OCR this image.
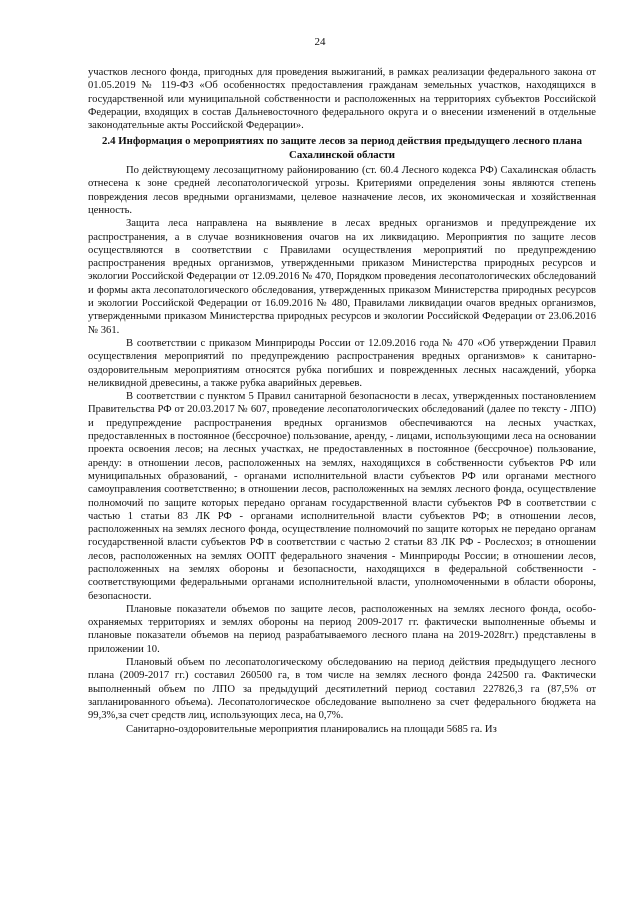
24

участков лесного фонда, пригодных для проведения выжиганий, в рамках реализации федерального закона от 01.05.2019 № 119-ФЗ «Об особенностях предоставления гражданам земельных участков, находящихся в государственной или муниципальной собственности и расположенных на территориях субъектов Российской Федерации, входящих в состав Дальневосточного федерального округа и о внесении изменений в отдельные законодательные акты Российской Федерации».

2.4 Информация о мероприятиях по защите лесов за период действия предыдущего лесного плана Сахалинской области

По действующему лесозащитному районированию (ст. 60.4 Лесного кодекса РФ) Сахалинская область отнесена к зоне средней лесопатологической угрозы. Критериями определения зоны являются степень повреждения лесов вредными организмами, целевое назначение лесов, их экономическая и хозяйственная ценность.

Защита леса направлена на выявление в лесах вредных организмов и предупреждение их распространения, а в случае возникновения очагов на их ликвидацию. Мероприятия по защите лесов осуществляются в соответствии с Правилами осуществления мероприятий по предупреждению распространения вредных организмов, утвержденными приказом Министерства природных ресурсов и экологии Российской Федерации от 12.09.2016 № 470, Порядком проведения лесопатологических обследований и формы акта лесопатологического обследования, утвержденных приказом Министерства природных ресурсов и экологии Российской Федерации от 16.09.2016 № 480, Правилами ликвидации очагов вредных организмов, утвержденными приказом Министерства природных ресурсов и экологии Российской Федерации от 23.06.2016 № 361.

В соответствии с приказом Минприроды России от 12.09.2016 года № 470 «Об утверждении Правил осуществления мероприятий по предупреждению распространения вредных организмов» к санитарно-оздоровительным мероприятиям относятся рубка погибших и поврежденных лесных насаждений, уборка неликвидной древесины, а также рубка аварийных деревьев.

В соответствии с пунктом 5 Правил санитарной безопасности в лесах, утвержденных постановлением Правительства РФ от 20.03.2017 № 607, проведение лесопатологических обследований (далее по тексту - ЛПО) и предупреждение распространения вредных организмов обеспечиваются на лесных участках, предоставленных в постоянное (бессрочное) пользование, аренду, - лицами, использующими леса на основании проекта освоения лесов; на лесных участках, не предоставленных в постоянное (бессрочное) пользование, аренду: в отношении лесов, расположенных на землях, находящихся в собственности субъектов РФ или муниципальных образований, - органами исполнительной власти субъектов РФ или органами местного самоуправления соответственно; в отношении лесов, расположенных на землях лесного фонда, осуществление полномочий по защите которых передано органам государственной власти субъектов РФ в соответствии с частью 1 статьи 83 ЛК РФ - органами исполнительной власти субъектов РФ; в отношении лесов, расположенных на землях лесного фонда, осуществление полномочий по защите которых не передано органам государственной власти субъектов РФ в соответствии с частью 2 статьи 83 ЛК РФ - Рослесхоз; в отношении лесов, расположенных на землях ООПТ федерального значения - Минприроды России; в отношении лесов, расположенных на землях обороны и безопасности, находящихся в федеральной собственности - соответствующими федеральными органами исполнительной власти, уполномоченными в области обороны, безопасности.

Плановые показатели объемов по защите лесов, расположенных на землях лесного фонда, особо-охраняемых территориях и землях обороны на период 2009-2017 гг. фактически выполненные объемы и плановые показатели объемов на период разрабатываемого лесного плана на 2019-2028гг.) представлены в приложении 10.

Плановый объем по лесопатологическому обследованию на период действия предыдущего лесного плана (2009-2017 гг.) составил 260500 га, в том числе на землях лесного фонда 242500 га. Фактически выполненный объем по ЛПО за предыдущий десятилетний период составил 227826,3 га (87,5% от запланированного объема). Лесопатологическое обследование выполнено за счет федерального бюджета на 99,3%,за счет средств лиц, использующих леса, на 0,7%.

Санитарно-оздоровительные мероприятия планировались на площади 5685 га. Из
